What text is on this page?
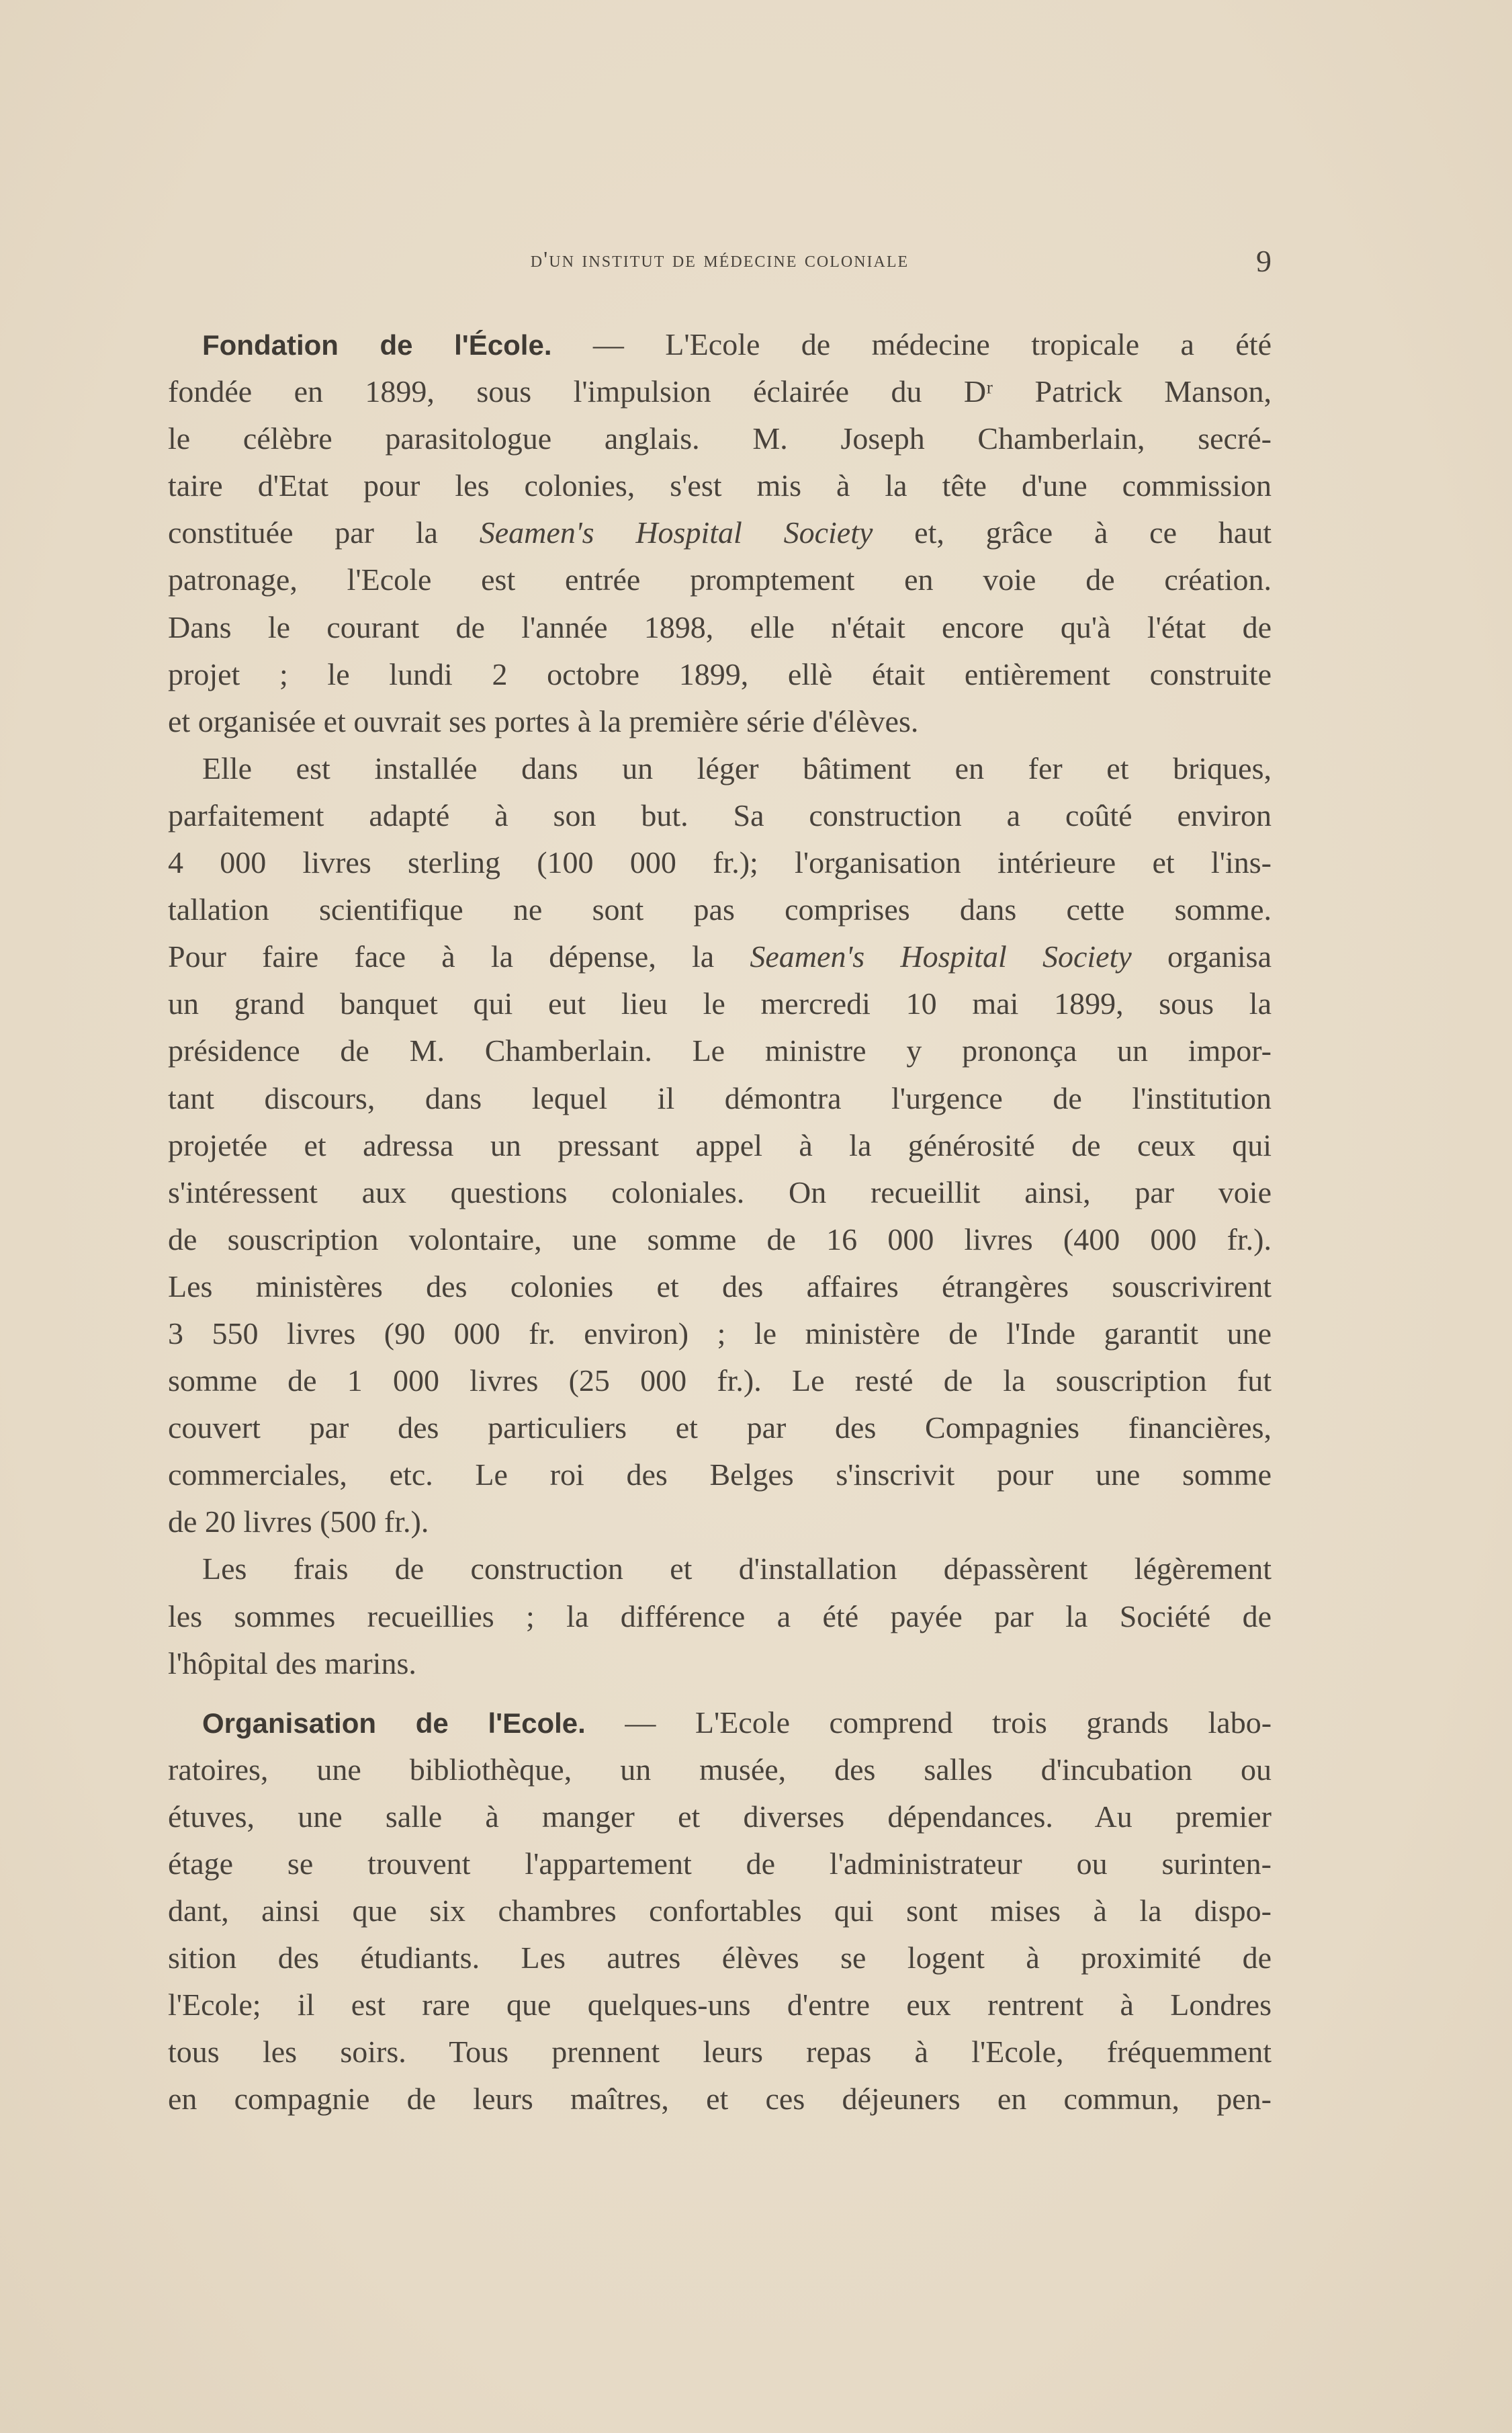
d'un institut de médecine coloniale	9
Fondation de l'École. — L'Ecole de médecine tropicale a été
fondée en 1899, sous l'impulsion éclairée du Dʳ Patrick Manson,
le célèbre parasitologue anglais. M. Joseph Chamberlain, secré-
taire d'Etat pour les colonies, s'est mis à la tête d'une commission
constituée par la Seamen's Hospital Society et, grâce à ce haut
patronage, l'Ecole est entrée promptement en voie de création.
Dans le courant de l'année 1898, elle n'était encore qu'à l'état de
projet ; le lundi 2 octobre 1899, ellè était entièrement construite
et organisée et ouvrait ses portes à la première série d'élèves.
Elle est installée dans un léger bâtiment en fer et briques,
parfaitement adapté à son but. Sa construction a coûté environ
4 000 livres sterling (100 000 fr.); l'organisation intérieure et l'ins-
tallation scientifique ne sont pas comprises dans cette somme.
Pour faire face à la dépense, la Seamen's Hospital Society organisa
un grand banquet qui eut lieu le mercredi 10 mai 1899, sous la
présidence de M. Chamberlain. Le ministre y prononça un impor-
tant discours, dans lequel il démontra l'urgence de l'institution
projetée et adressa un pressant appel à la générosité de ceux qui
s'intéressent aux questions coloniales. On recueillit ainsi, par voie
de souscription volontaire, une somme de 16 000 livres (400 000 fr.).
Les ministères des colonies et des affaires étrangères souscrivirent
3 550 livres (90 000 fr. environ) ; le ministère de l'Inde garantit une
somme de 1 000 livres (25 000 fr.). Le resté de la souscription fut
couvert par des particuliers et par des Compagnies financières,
commerciales, etc. Le roi des Belges s'inscrivit pour une somme
de 20 livres (500 fr.).
Les frais de construction et d'installation dépassèrent légèrement
les sommes recueillies ; la différence a été payée par la Société de
l'hôpital des marins.
Organisation de l'Ecole. — L'Ecole comprend trois grands labo-
ratoires, une bibliothèque, un musée, des salles d'incubation ou
étuves, une salle à manger et diverses dépendances. Au premier
étage se trouvent l'appartement de l'administrateur ou surinten-
dant, ainsi que six chambres confortables qui sont mises à la dispo-
sition des étudiants. Les autres élèves se logent à proximité de
l'Ecole; il est rare que quelques-uns d'entre eux rentrent à Londres
tous les soirs. Tous prennent leurs repas à l'Ecole, fréquemment
en compagnie de leurs maîtres, et ces déjeuners en commun, pen-
